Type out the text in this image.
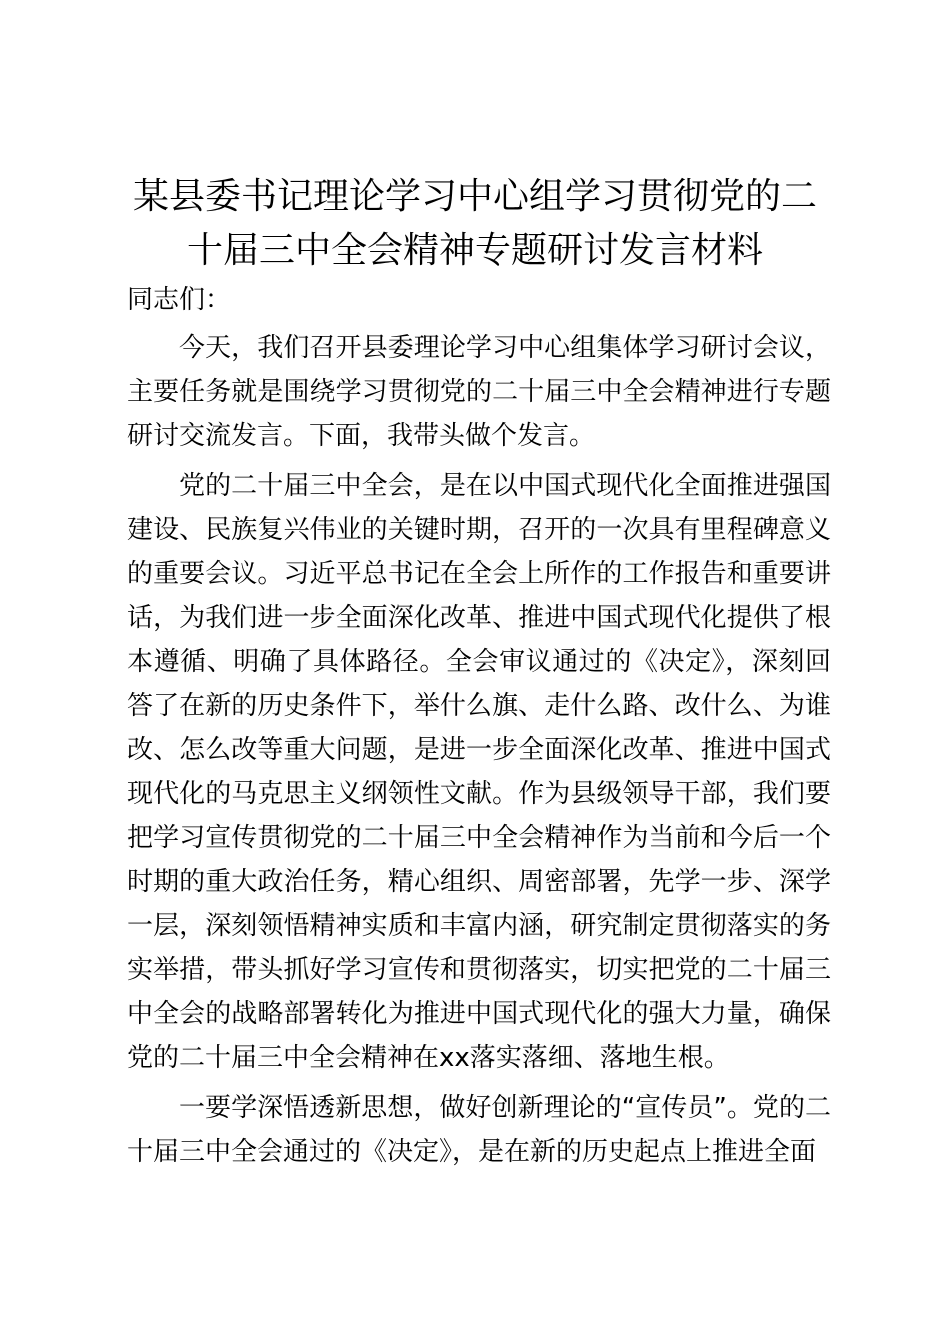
某县委书记理论学习中心组学习贯彻党的二十届三中全会精神专题研讨发言材料

同志们：

今天，我们召开县委理论学习中心组集体学习研讨会议，主要任务就是围绕学习贯彻党的二十届三中全会精神进行专题研讨交流发言。下面，我带头做个发言。

党的二十届三中全会，是在以中国式现代化全面推进强国建设、民族复兴伟业的关键时期，召开的一次具有里程碑意义的重要会议。习近平总书记在全会上所作的工作报告和重要讲话，为我们进一步全面深化改革、推进中国式现代化提供了根本遵循、明确了具体路径。全会审议通过的《决定》，深刻回答了在新的历史条件下，举什么旗、走什么路、改什么、为谁改、怎么改等重大问题，是进一步全面深化改革、推进中国式现代化的马克思主义纲领性文献。作为县级领导干部，我们要把学习宣传贯彻党的二十届三中全会精神作为当前和今后一个时期的重大政治任务，精心组织、周密部署，先学一步、深学一层，深刻领悟精神实质和丰富内涵，研究制定贯彻落实的务实举措，带头抓好学习宣传和贯彻落实，切实把党的二十届三中全会的战略部署转化为推进中国式现代化的强大力量，确保党的二十届三中全会精神在xx落实落细、落地生根。

一要学深悟透新思想，做好创新理论的“宣传员”。党的二十届三中全会通过的《决定》，是在新的历史起点上推进全面
